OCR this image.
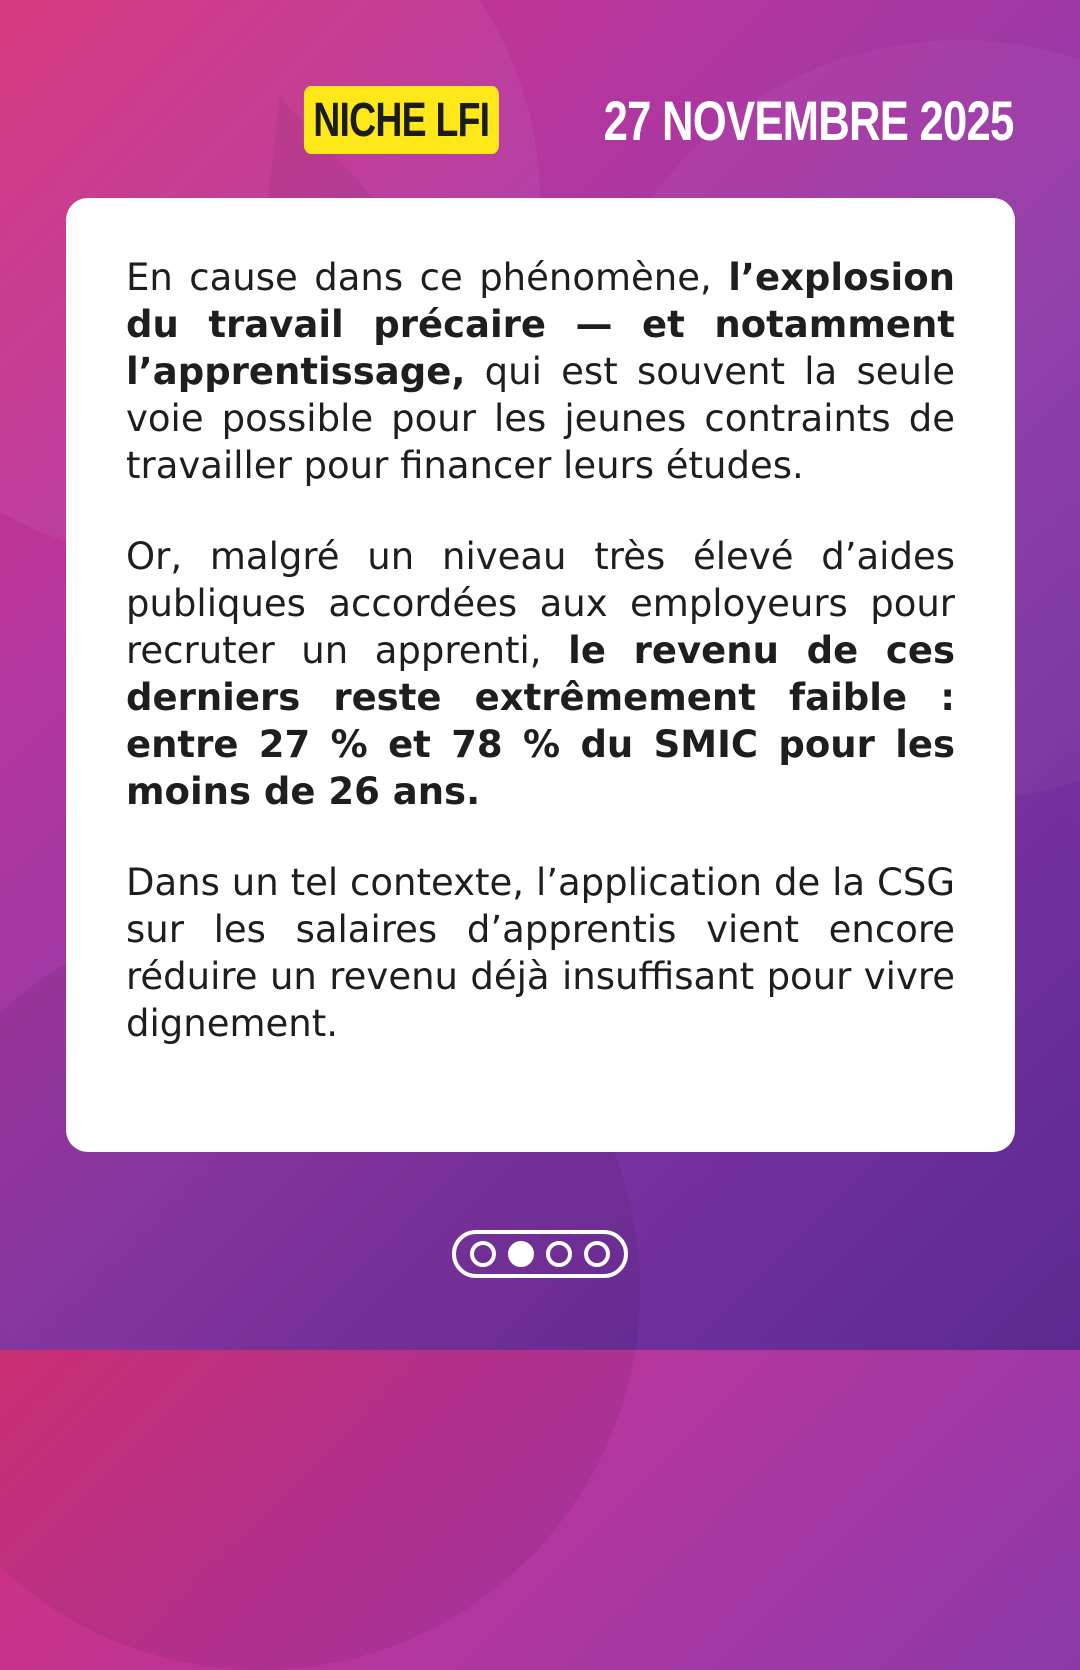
NICHE LFI 27 NOVEMBRE 2025

En cause dans ce phénomène, l’explosion du travail précaire — et notamment l’apprentissage, qui est souvent la seule voie possible pour les jeunes contraints de travailler pour financer leurs études.

Or, malgré un niveau très élevé d’aides publiques accordées aux employeurs pour recruter un apprenti, le revenu de ces derniers reste extrêmement faible : entre 27 % et 78 % du SMIC pour les moins de 26 ans.

Dans un tel contexte, l’application de la CSG sur les salaires d’apprentis vient encore réduire un revenu déjà insuffisant pour vivre dignement.
